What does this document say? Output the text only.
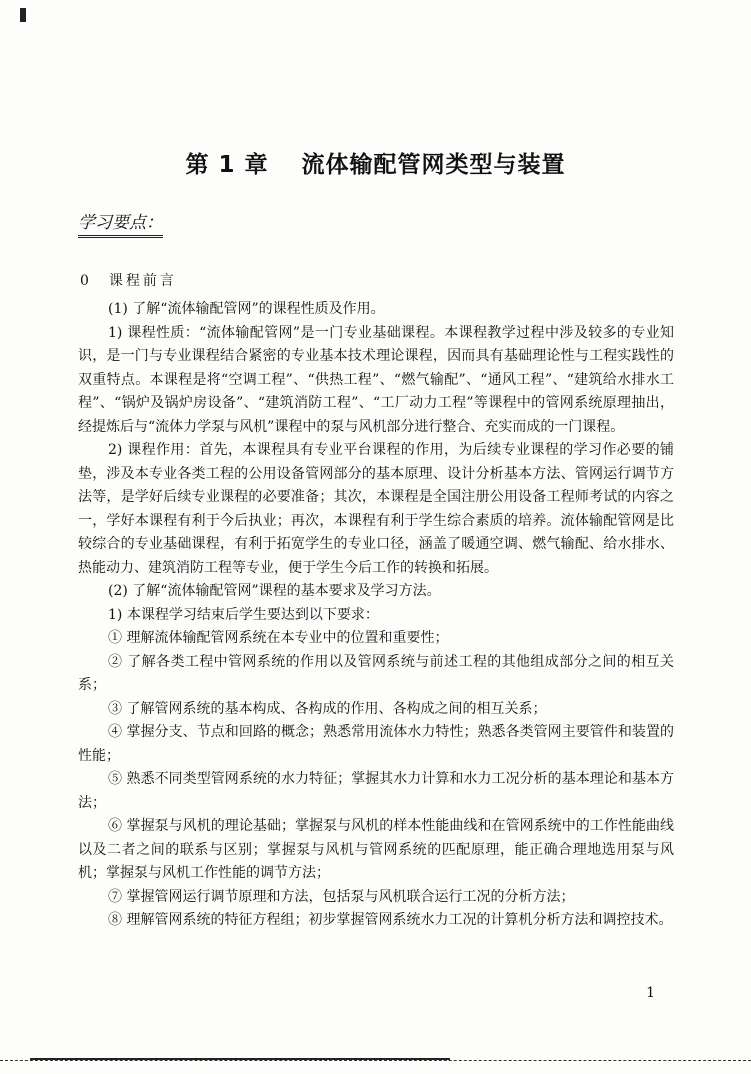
第 1 章　 流体输配管网类型与装置
学习要点：
0　课程前言

(1) 了解“流体输配管网”的课程性质及作用。

1) 课程性质：“流体输配管网”是一门专业基础课程。本课程教学过程中涉及较多的专业知识，是一门与专业课程结合紧密的专业基本技术理论课程，因而具有基础理论性与工程实践性的双重特点。本课程是将“空调工程”、“供热工程”、“燃气输配”、“通风工程”、“建筑给水排水工程”、“锅炉及锅炉房设备”、“建筑消防工程”、“工厂动力工程”等课程中的管网系统原理抽出，经提炼后与“流体力学泵与风机”课程中的泵与风机部分进行整合、充实而成的一门课程。

2) 课程作用：首先，本课程具有专业平台课程的作用，为后续专业课程的学习作必要的铺垫，涉及本专业各类工程的公用设备管网部分的基本原理、设计分析基本方法、管网运行调节方法等，是学好后续专业课程的必要准备；其次，本课程是全国注册公用设备工程师考试的内容之一，学好本课程有利于今后执业；再次，本课程有利于学生综合素质的培养。流体输配管网是比较综合的专业基础课程，有利于拓宽学生的专业口径，涵盖了暖通空调、燃气输配、给水排水、热能动力、建筑消防工程等专业，便于学生今后工作的转换和拓展。

(2) 了解“流体输配管网”课程的基本要求及学习方法。

1) 本课程学习结束后学生要达到以下要求：

① 理解流体输配管网系统在本专业中的位置和重要性；

② 了解各类工程中管网系统的作用以及管网系统与前述工程的其他组成部分之间的相互关系；

③ 了解管网系统的基本构成、各构成的作用、各构成之间的相互关系；

④ 掌握分支、节点和回路的概念；熟悉常用流体水力特性；熟悉各类管网主要管件和装置的性能；

⑤ 熟悉不同类型管网系统的水力特征；掌握其水力计算和水力工况分析的基本理论和基本方法；

⑥ 掌握泵与风机的理论基础；掌握泵与风机的样本性能曲线和在管网系统中的工作性能曲线以及二者之间的联系与区别；掌握泵与风机与管网系统的匹配原理，能正确合理地选用泵与风机；掌握泵与风机工作性能的调节方法；

⑦ 掌握管网运行调节原理和方法，包括泵与风机联合运行工况的分析方法；

⑧ 理解管网系统的特征方程组；初步掌握管网系统水力工况的计算机分析方法和调控技术。

1
